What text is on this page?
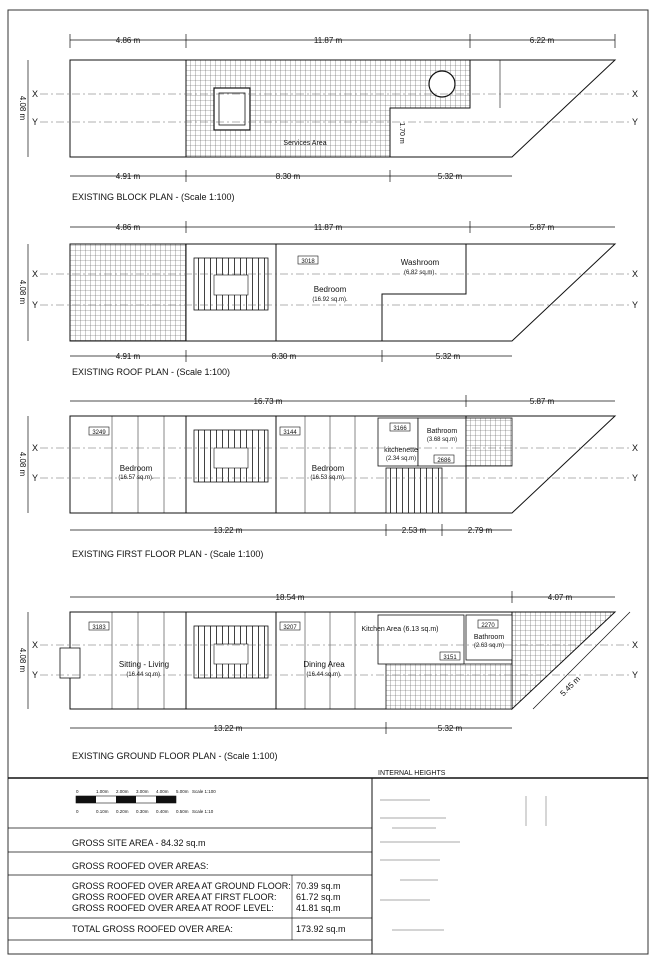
4.86 m	11.87 m	6.22 m
Services Area	1.70 m
4.08 m
X
Y
X
Y
4.91 m	8.30 m	5.32 m
4.86 m	11.87 m	5.87 m
3018	Washroom
(6.82 sq.m).
Bedroom
(16.92 sq.m).
4.08 m
X
Y
X
Y
4.91 m	8.30 m	5.32 m
16.73 m	5.87 m
3249	3144
3166
2686
Bedroom
(16.57 sq.m).
Bedroom
(16.53 sq.m).
kitchenette
(2.34 sq.m)
Bathroom
(3.68 sq.m)
4.08 m
X
Y
X
Y
13.22 m	2.53 m	2.79 m
18.54 m	4.07 m
3183	3207
3151
2270
Sitting - Living
(16.44 sq.m).
Dining Area
(16.44 sq.m).
Kitchen Area (6.13 sq.m)
Bathroom
(2.63 sq.m)
5.45 m
4.08 m
X
Y
X
Y
13.22 m	5.32 m
INTERNAL HEIGHTS
0	1.00m 2.00m 3.00m 4.00m 5.00m Scale 1:100
0	0.10m 0.20m 0.30m 0.40m 0.50m Scale 1:10
EXISTING BLOCK PLAN - (Scale 1:100)
EXISTING ROOF PLAN - (Scale 1:100)
EXISTING FIRST FLOOR PLAN - (Scale 1:100)
EXISTING GROUND FLOOR PLAN - (Scale 1:100)
GROSS SITE AREA - 84.32 sq.m
GROSS ROOFED OVER AREAS:
GROSS ROOFED OVER AREA AT GROUND FLOOR: 70.39 sq.m
GROSS ROOFED OVER AREA AT FIRST FLOOR: 61.72 sq.m
GROSS ROOFED OVER AREA AT ROOF LEVEL: 41.81 sq.m
TOTAL GROSS ROOFED OVER AREA:	173.92 sq.m
